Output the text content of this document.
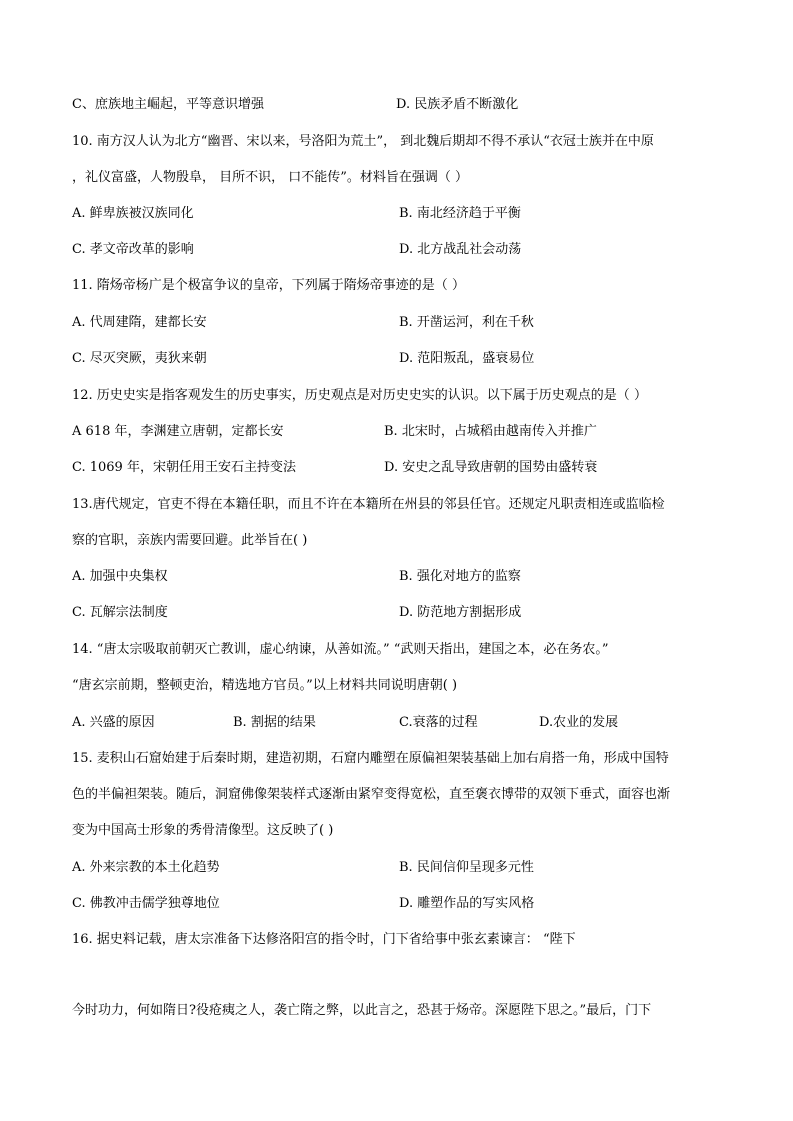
C、庶族地主崛起，平等意识增强	D. 民族矛盾不断激化
10. 南方汉人认为北方“幽晋、宋以来，号洛阳为荒土”， 到北魏后期却不得不承认“衣冠士族并在中原
，礼仪富盛，人物殷阜， 目所不识， 口不能传”。材料旨在强调（ ）
A. 鲜卑族被汉族同化	B. 南北经济趋于平衡
C. 孝文帝改革的影响	D. 北方战乱社会动荡
11. 隋炀帝杨广是个极富争议的皇帝，下列属于隋炀帝事迹的是（ ）
A. 代周建隋，建都长安	B. 开凿运河，利在千秋
C. 尽灭突厥，夷狄来朝	D. 范阳叛乱，盛衰易位
12. 历史史实是指客观发生的历史事实，历史观点是对历史史实的认识。以下属于历史观点的是（ ）
A 618 年，李渊建立唐朝，定都长安	B. 北宋时，占城稻由越南传入并推广
C. 1069 年，宋朝任用王安石主持变法	D. 安史之乱导致唐朝的国势由盛转衰
13.唐代规定，官吏不得在本籍任职，而且不许在本籍所在州县的邻县任官。还规定凡职责相连或监临检
察的官职，亲族内需要回避。此举旨在( )
A. 加强中央集权	B. 强化对地方的监察
C. 瓦解宗法制度	D. 防范地方割据形成
14. “唐太宗吸取前朝灭亡教训，虚心纳谏，从善如流。” “武则天指出，建国之本，必在务农。”
“唐玄宗前期，整顿吏治，精选地方官员。”以上材料共同说明唐朝( )
A. 兴盛的原因	B. 割据的结果	C.衰落的过程	D.农业的发展
15. 麦积山石窟始建于后秦时期，建造初期，石窟内雕塑在原偏袒架装基础上加右肩搭一角，形成中国特
色的半偏袒架装。随后，洞窟佛像架装样式逐渐由紧窄变得宽松，直至褒衣博带的双领下垂式，面容也渐
变为中国高士形象的秀骨清像型。这反映了( )
A. 外来宗教的本土化趋势	B. 民间信仰呈现多元性
C. 佛教冲击儒学独尊地位	D. 雕塑作品的写实风格
16. 据史料记载，唐太宗准备下达修洛阳宫的指令时，门下省给事中张玄素谏言： “陛下
今时功力，何如隋日?役疮痍之人，袭亡隋之弊，以此言之，恐甚于炀帝。深愿陛下思之。”最后，门下
